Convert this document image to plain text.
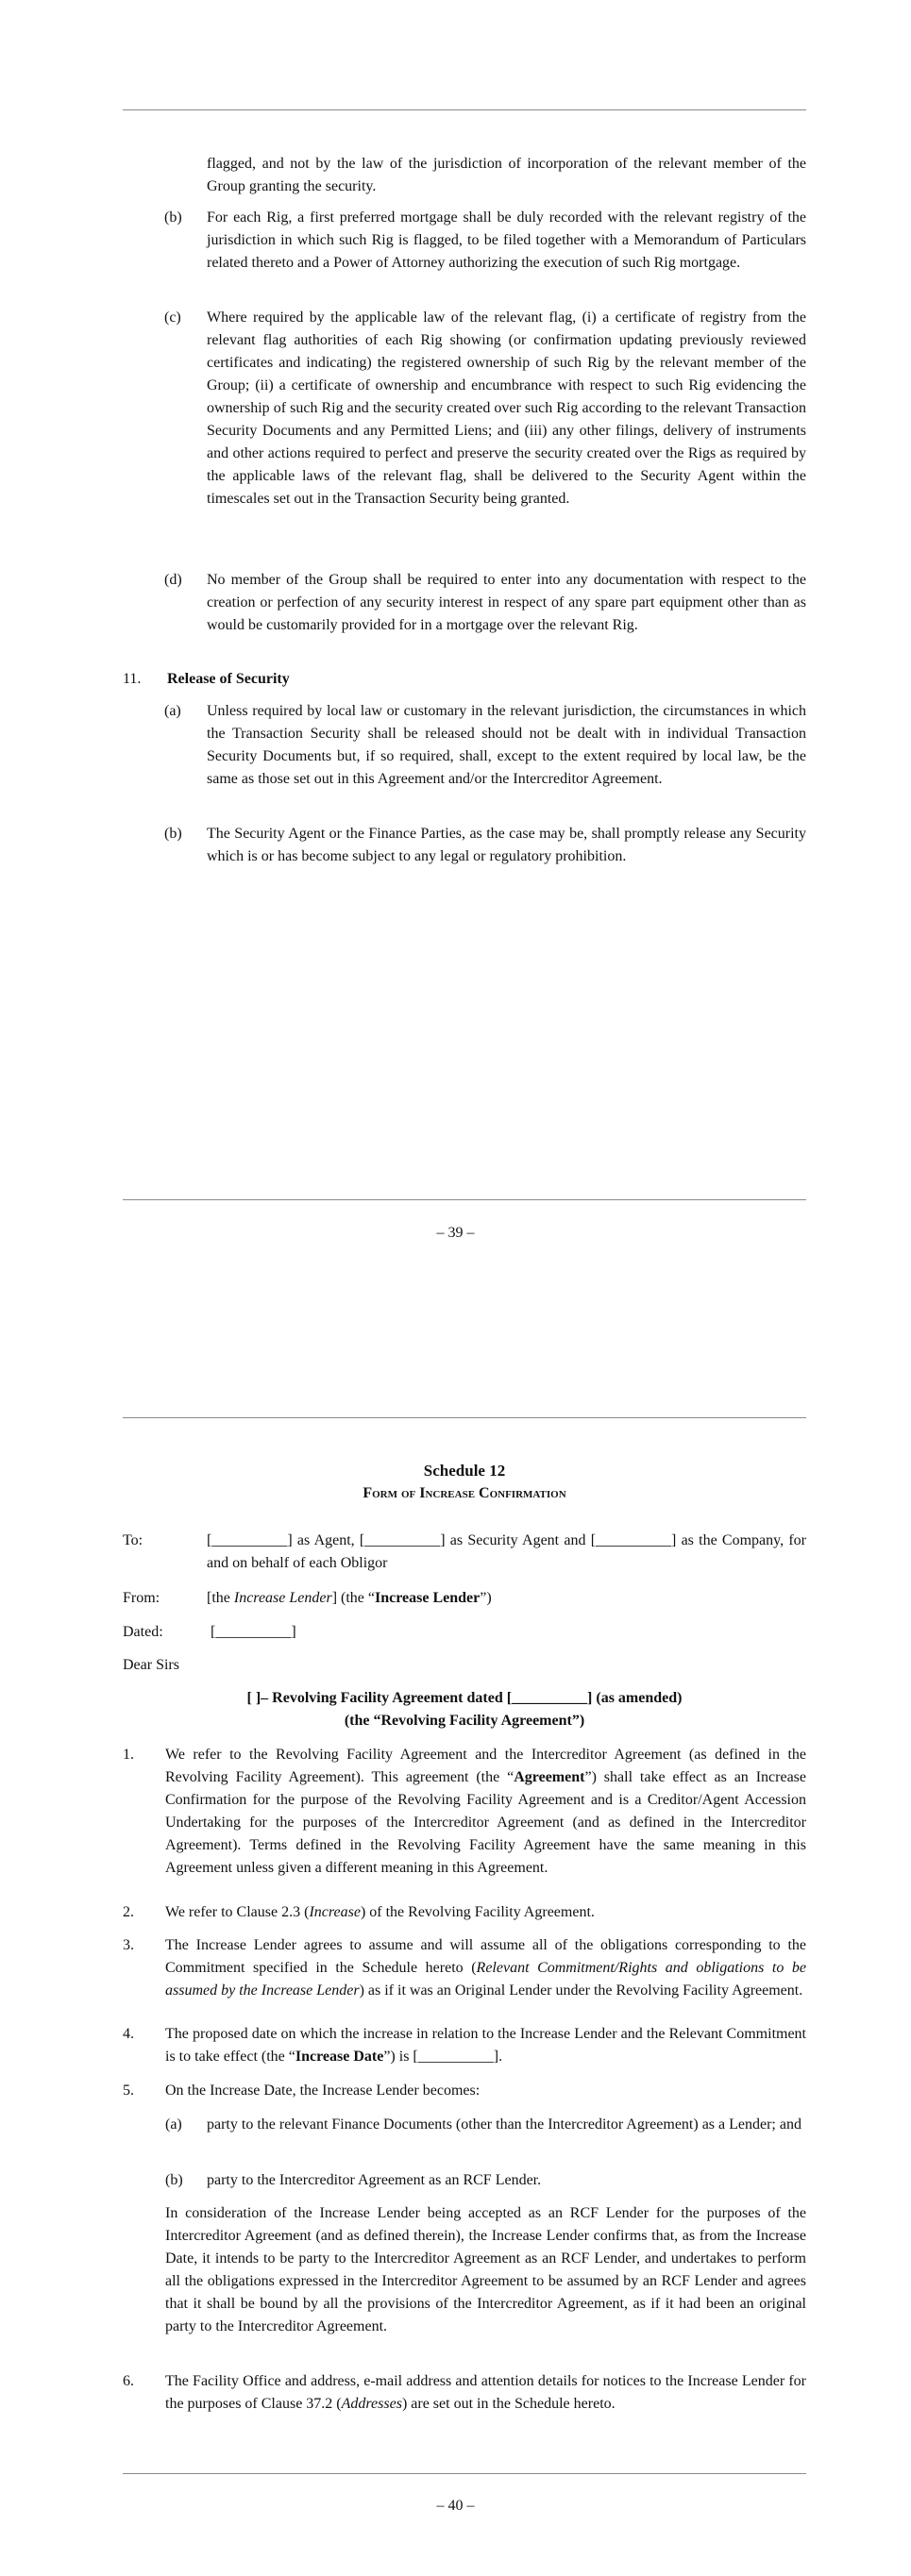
flagged, and not by the law of the jurisdiction of incorporation of the relevant member of the Group granting the security.
(b) For each Rig, a first preferred mortgage shall be duly recorded with the relevant registry of the jurisdiction in which such Rig is flagged, to be filed together with a Memorandum of Particulars related thereto and a Power of Attorney authorizing the execution of such Rig mortgage.
(c) Where required by the applicable law of the relevant flag, (i) a certificate of registry from the relevant flag authorities of each Rig showing (or confirmation updating previously reviewed certificates and indicating) the registered ownership of such Rig by the relevant member of the Group; (ii) a certificate of ownership and encumbrance with respect to such Rig evidencing the ownership of such Rig and the security created over such Rig according to the relevant Transaction Security Documents and any Permitted Liens; and (iii) any other filings, delivery of instruments and other actions required to perfect and preserve the security created over the Rigs as required by the applicable laws of the relevant flag, shall be delivered to the Security Agent within the timescales set out in the Transaction Security being granted.
(d) No member of the Group shall be required to enter into any documentation with respect to the creation or perfection of any security interest in respect of any spare part equipment other than as would be customarily provided for in a mortgage over the relevant Rig.
11. Release of Security
(a) Unless required by local law or customary in the relevant jurisdiction, the circumstances in which the Transaction Security shall be released should not be dealt with in individual Transaction Security Documents but, if so required, shall, except to the extent required by local law, be the same as those set out in this Agreement and/or the Intercreditor Agreement.
(b) The Security Agent or the Finance Parties, as the case may be, shall promptly release any Security which is or has become subject to any legal or regulatory prohibition.
– 39 –
Schedule 12
Form of Increase Confirmation
To:	[__________] as Agent, [__________] as Security Agent and [__________] as the Company, for and on behalf of each Obligor
From:	[the Increase Lender] (the “Increase Lender”)
Dated:	[__________]
Dear Sirs
[ ]– Revolving Facility Agreement dated [__________] (as amended)
(the “Revolving Facility Agreement”)
1. We refer to the Revolving Facility Agreement and the Intercreditor Agreement (as defined in the Revolving Facility Agreement). This agreement (the “Agreement”) shall take effect as an Increase Confirmation for the purpose of the Revolving Facility Agreement and is a Creditor/Agent Accession Undertaking for the purposes of the Intercreditor Agreement (and as defined in the Intercreditor Agreement). Terms defined in the Revolving Facility Agreement have the same meaning in this Agreement unless given a different meaning in this Agreement.
2. We refer to Clause 2.3 (Increase) of the Revolving Facility Agreement.
3. The Increase Lender agrees to assume and will assume all of the obligations corresponding to the Commitment specified in the Schedule hereto (Relevant Commitment/Rights and obligations to be assumed by the Increase Lender) as if it was an Original Lender under the Revolving Facility Agreement.
4. The proposed date on which the increase in relation to the Increase Lender and the Relevant Commitment is to take effect (the “Increase Date”) is [__________].
5. On the Increase Date, the Increase Lender becomes:
(a) party to the relevant Finance Documents (other than the Intercreditor Agreement) as a Lender; and
(b) party to the Intercreditor Agreement as an RCF Lender.
In consideration of the Increase Lender being accepted as an RCF Lender for the purposes of the Intercreditor Agreement (and as defined therein), the Increase Lender confirms that, as from the Increase Date, it intends to be party to the Intercreditor Agreement as an RCF Lender, and undertakes to perform all the obligations expressed in the Intercreditor Agreement to be assumed by an RCF Lender and agrees that it shall be bound by all the provisions of the Intercreditor Agreement, as if it had been an original party to the Intercreditor Agreement.
6. The Facility Office and address, e-mail address and attention details for notices to the Increase Lender for the purposes of Clause 37.2 (Addresses) are set out in the Schedule hereto.
– 40 –
